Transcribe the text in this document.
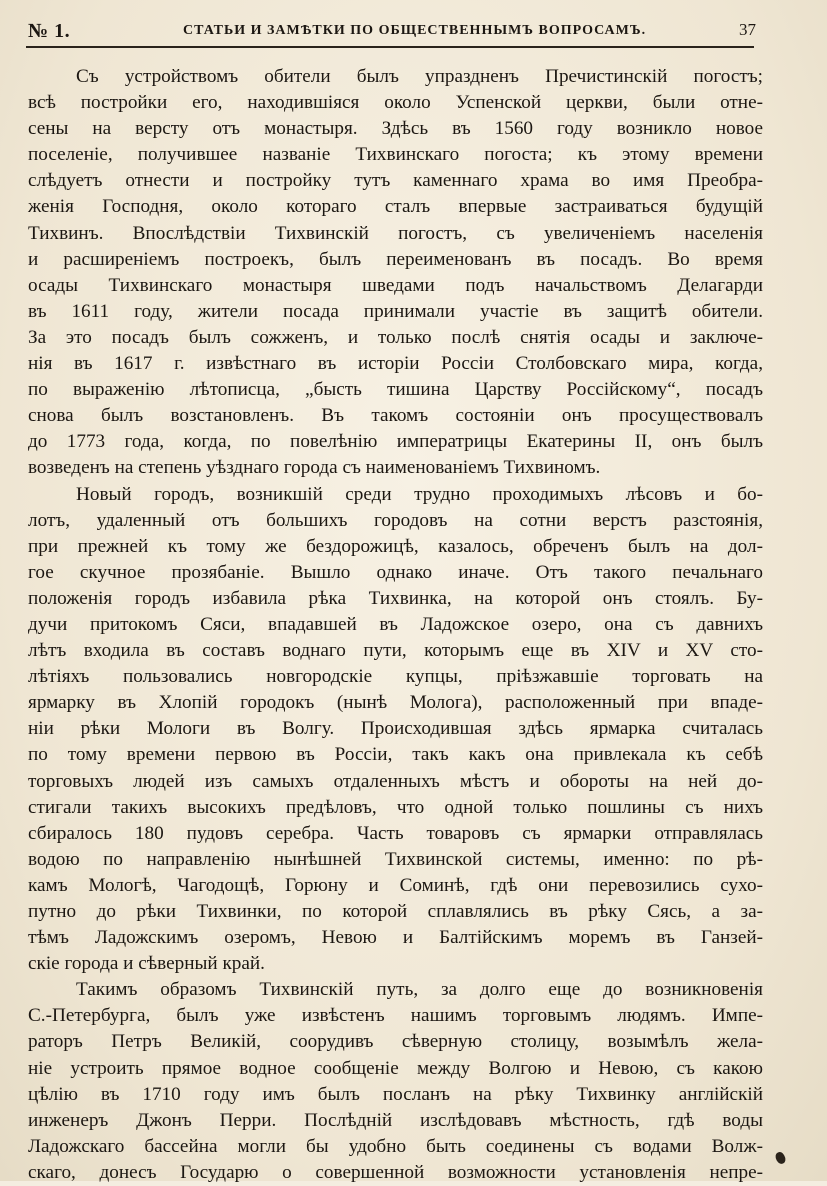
№ 1.	СТАТЬИ И ЗАМѢТКИ ПО ОБЩЕСТВЕННЫМЪ ВОПРОСАМЪ.	37
Съ устройствомъ обители былъ упраздненъ Пречистинскій погостъ;
всѣ постройки его, находившіяся около Успенской церкви, были отне-
сены на версту отъ монастыря. Здѣсь въ 1560 году возникло новое
поселеніе, получившее названіе Тихвинскаго погоста; къ этому времени
слѣдуетъ отнести и постройку тутъ каменнаго храма во имя Преобра-
женія Господня, около котораго сталъ впервые застраиваться будущій
Тихвинъ. Впослѣдствіи Тихвинскій погостъ, съ увеличеніемъ населенія
и расширеніемъ построекъ, былъ переименованъ въ посадъ. Во время
осады Тихвинскаго монастыря шведами подъ начальствомъ Делагарди
въ 1611 году, жители посада принимали участіе въ защитѣ обители.
За это посадъ былъ сожженъ, и только послѣ снятія осады и заключе-
нія въ 1617 г. извѣстнаго въ исторіи Россіи Столбовскаго мира, когда,
по выраженію лѣтописца, „бысть тишина Царству Россійскому“, посадъ
снова былъ возстановленъ. Въ такомъ состояніи онъ просуществовалъ
до 1773 года, когда, по повелѣнію императрицы Екатерины II, онъ былъ
возведенъ на степень уѣзднаго города съ наименованіемъ Тихвиномъ.
Новый городъ, возникшій среди трудно проходимыхъ лѣсовъ и бо-
лотъ, удаленный отъ большихъ городовъ на сотни верстъ разстоянія,
при прежней къ тому же бездорожицѣ, казалось, обреченъ былъ на дол-
гое скучное прозябаніе. Вышло однако иначе. Отъ такого печальнаго
положенія городъ избавила рѣка Тихвинка, на которой онъ стоялъ. Бу-
дучи притокомъ Сяси, впадавшей въ Ладожское озеро, она съ давнихъ
лѣтъ входила въ составъ воднаго пути, которымъ еще въ XIV и XV сто-
лѣтіяхъ пользовались новгородскіе купцы, пріѣзжавшіе торговать на
ярмарку въ Хлопій городокъ (нынѣ Молога), расположенный при впаде-
ніи рѣки Мологи въ Волгу. Происходившая здѣсь ярмарка считалась
по тому времени первою въ Россіи, такъ какъ она привлекала къ себѣ
торговыхъ людей изъ самыхъ отдаленныхъ мѣстъ и обороты на ней до-
стигали такихъ высокихъ предѣловъ, что одной только пошлины съ нихъ
сбиралось 180 пудовъ серебра. Часть товаровъ съ ярмарки отправлялась
водою по направленію нынѣшней Тихвинской системы, именно: по рѣ-
камъ Мологѣ, Чагодощѣ, Горюну и Соминѣ, гдѣ они перевозились сухо-
путно до рѣки Тихвинки, по которой сплавлялись въ рѣку Сясь, а за-
тѣмъ Ладожскимъ озеромъ, Невою и Балтійскимъ моремъ въ Ганзей-
скіе города и сѣверный край.
Такимъ образомъ Тихвинскій путь, за долго еще до возникновенія
С.-Петербурга, былъ уже извѣстенъ нашимъ торговымъ людямъ. Импе-
раторъ Петръ Великій, соорудивъ сѣверную столицу, возымѣлъ жела-
ніе устроить прямое водное сообщеніе между Волгою и Невою, съ какою
цѣлію въ 1710 году имъ былъ посланъ на рѣку Тихвинку англійскій
инженеръ Джонъ Перри. Послѣдній изслѣдовавъ мѣстность, гдѣ воды
Ладожскаго бассейна могли бы удобно быть соединены съ водами Волж-
скаго, донесъ Государю о совершенной возможности установленія непре-
